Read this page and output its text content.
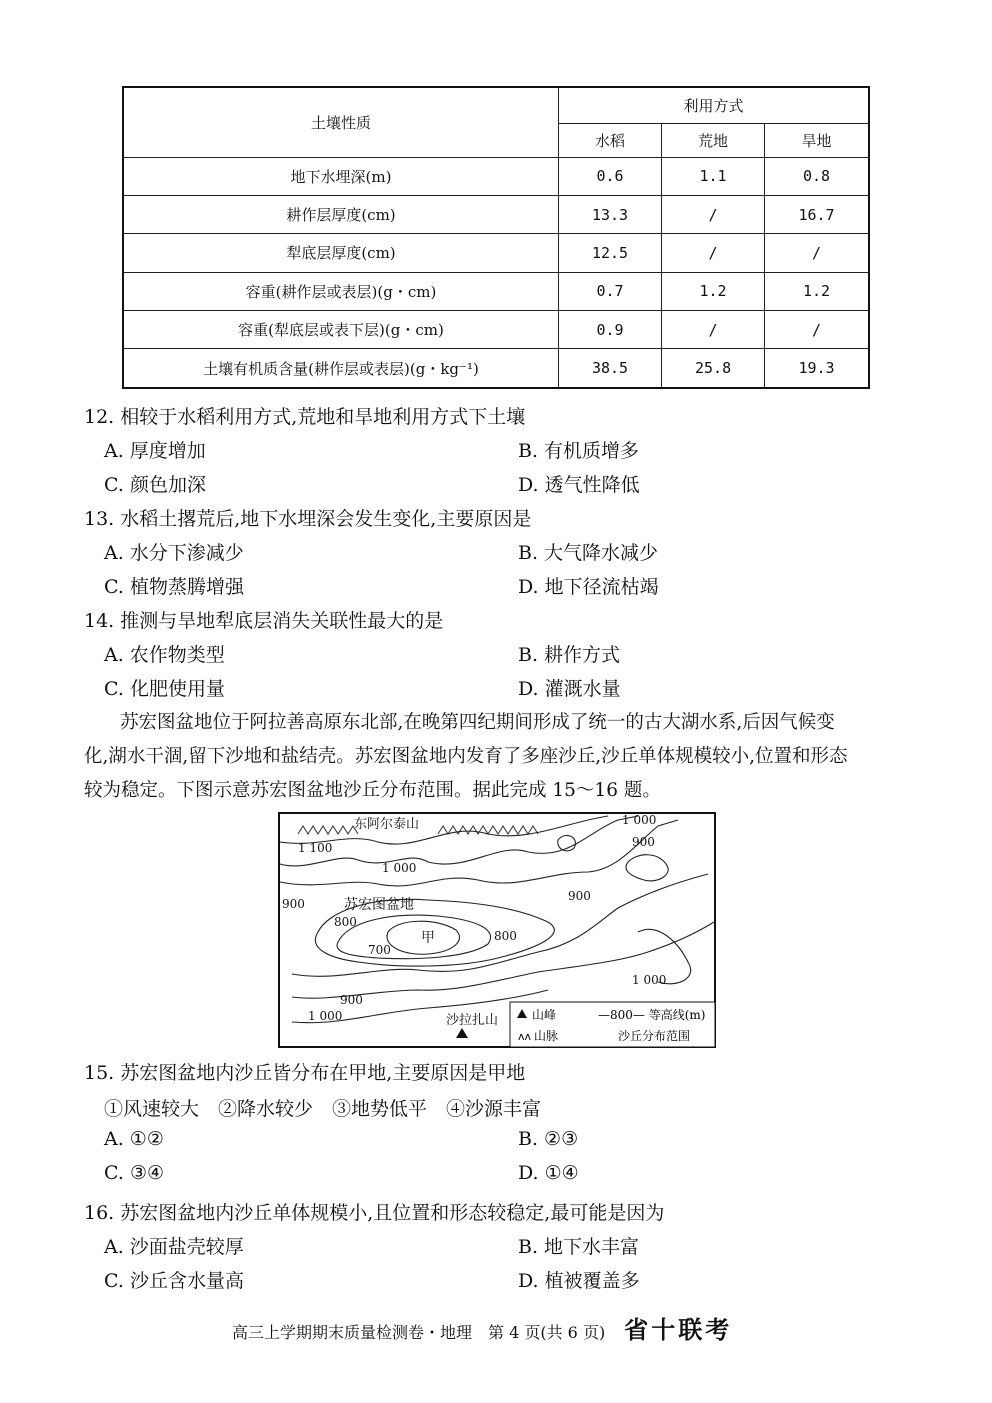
土壤性质	利用方式		
	水稻	荒地	旱地
地下水埋深(m)	0.6	1.1	0.8
耕作层厚度(cm)	13.3	/	16.7
犁底层厚度(cm)	12.5	/	/
容重(耕作层或表层)(g・cm)	0.7	1.2	1.2
容重(犁底层或表下层)(g・cm)	0.9	/	/
土壤有机质含量(耕作层或表层)(g・kg⁻¹)	38.5	25.8	19.3
12. 相较于水稻利用方式,荒地和旱地利用方式下土壤
A. 厚度增加	B. 有机质增多
C. 颜色加深	D. 透气性降低
13. 水稻土撂荒后,地下水埋深会发生变化,主要原因是
A. 水分下渗减少	B. 大气降水减少
C. 植物蒸腾增强	D. 地下径流枯竭
14. 推测与旱地犁底层消失关联性最大的是
A. 农作物类型	B. 耕作方式
C. 化肥使用量	D. 灌溉水量
苏宏图盆地位于阿拉善高原东北部,在晚第四纪期间形成了统一的古大湖水系,后因气候变
化,湖水干涸,留下沙地和盐结壳。苏宏图盆地内发育了多座沙丘,沙丘单体规模较小,位置和形态
较为稳定。下图示意苏宏图盆地沙丘分布范围。据此完成 15～16 题。
东阿尔泰山
苏宏图盆地
甲
1 000
900
1 100
1 000
900
900
800
800
700
1 000
900
1 000	沙拉扎山	山峰	—800— 等高线(m)
ʌʌ 山脉	沙丘分布范围
15. 苏宏图盆地内沙丘皆分布在甲地,主要原因是甲地
①风速较大　②降水较少　③地势低平　④沙源丰富
A. ①②	B. ②③
C. ③④	D. ①④
16. 苏宏图盆地内沙丘单体规模小,且位置和形态较稳定,最可能是因为
A. 沙面盐壳较厚	B. 地下水丰富
C. 沙丘含水量高	D. 植被覆盖多
高三上学期期末质量检测卷・地理　第 4 页(共 6 页) 省十联考
